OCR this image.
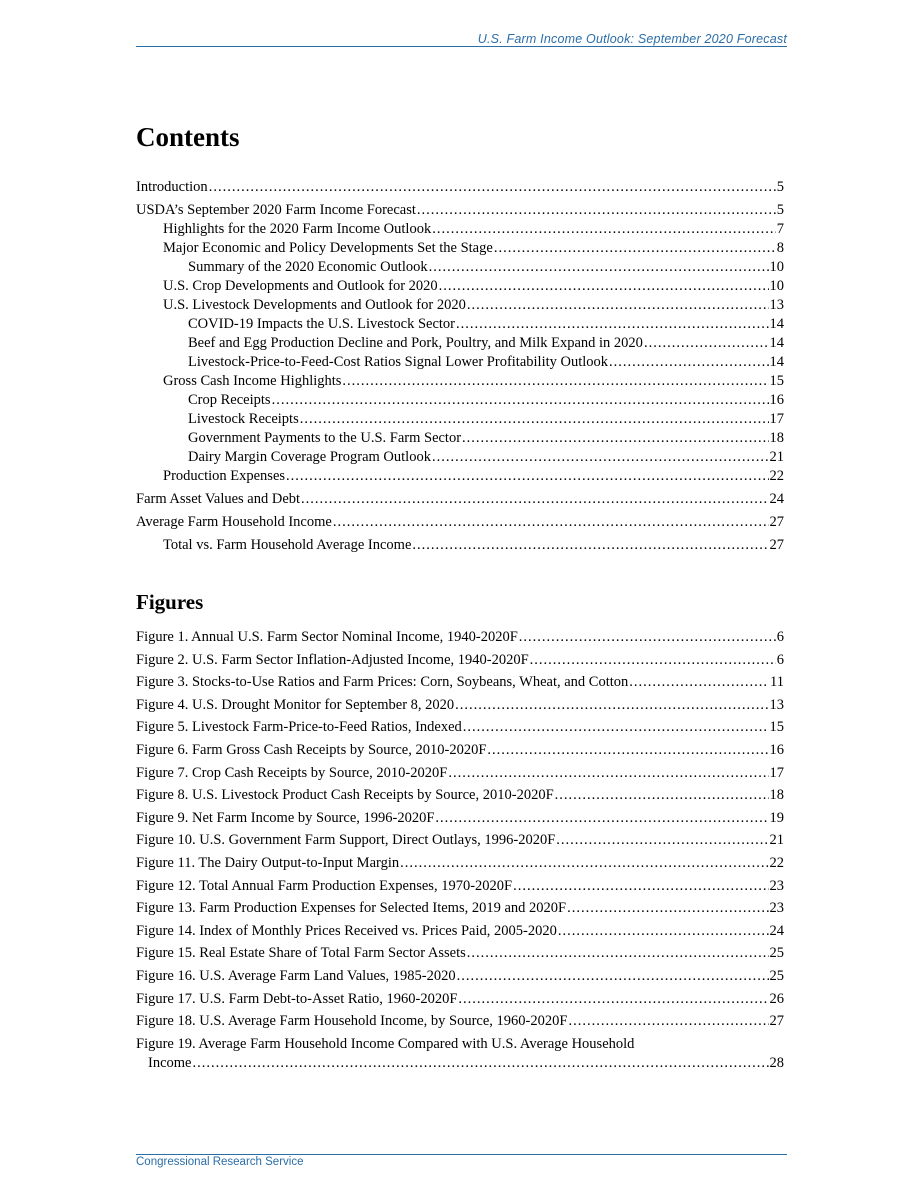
U.S. Farm Income Outlook: September 2020 Forecast
Contents
Introduction .....	5
USDA’s September 2020 Farm Income Forecast .....	5
Highlights for the 2020 Farm Income Outlook .....	7
Major Economic and Policy Developments Set the Stage .....	8
Summary of the 2020 Economic Outlook .....	10
U.S. Crop Developments and Outlook for 2020 .....	10
U.S. Livestock Developments and Outlook for 2020 .....	13
COVID-19 Impacts the U.S. Livestock Sector .....	14
Beef and Egg Production Decline and Pork, Poultry, and Milk Expand in 2020 .....	14
Livestock-Price-to-Feed-Cost Ratios Signal Lower Profitability Outlook .....	14
Gross Cash Income Highlights .....	15
Crop Receipts .....	16
Livestock Receipts .....	17
Government Payments to the U.S. Farm Sector .....	18
Dairy Margin Coverage Program Outlook .....	21
Production Expenses .....	22
Farm Asset Values and Debt .....	24
Average Farm Household Income .....	27
Total vs. Farm Household Average Income .....	27
Figures
Figure 1. Annual U.S. Farm Sector Nominal Income, 1940-2020F .....	6
Figure 2. U.S. Farm Sector Inflation-Adjusted Income, 1940-2020F .....	6
Figure 3. Stocks-to-Use Ratios and Farm Prices: Corn, Soybeans, Wheat, and Cotton .....	11
Figure 4. U.S. Drought Monitor for September 8, 2020 .....	13
Figure 5. Livestock Farm-Price-to-Feed Ratios, Indexed .....	15
Figure 6. Farm Gross Cash Receipts by Source, 2010-2020F .....	16
Figure 7. Crop Cash Receipts by Source, 2010-2020F .....	17
Figure 8. U.S. Livestock Product Cash Receipts by Source, 2010-2020F .....	18
Figure 9. Net Farm Income by Source, 1996-2020F .....	19
Figure 10. U.S. Government Farm Support, Direct Outlays, 1996-2020F .....	21
Figure 11. The Dairy Output-to-Input Margin .....	22
Figure 12. Total Annual Farm Production Expenses, 1970-2020F .....	23
Figure 13. Farm Production Expenses for Selected Items, 2019 and 2020F .....	23
Figure 14. Index of Monthly Prices Received vs. Prices Paid, 2005-2020 .....	24
Figure 15. Real Estate Share of Total Farm Sector Assets .....	25
Figure 16. U.S. Average Farm Land Values, 1985-2020 .....	25
Figure 17. U.S. Farm Debt-to-Asset Ratio, 1960-2020F .....	26
Figure 18. U.S. Average Farm Household Income, by Source, 1960-2020F .....	27
Figure 19. Average Farm Household Income Compared with U.S. Average Household
Income .....	28
Congressional Research Service
